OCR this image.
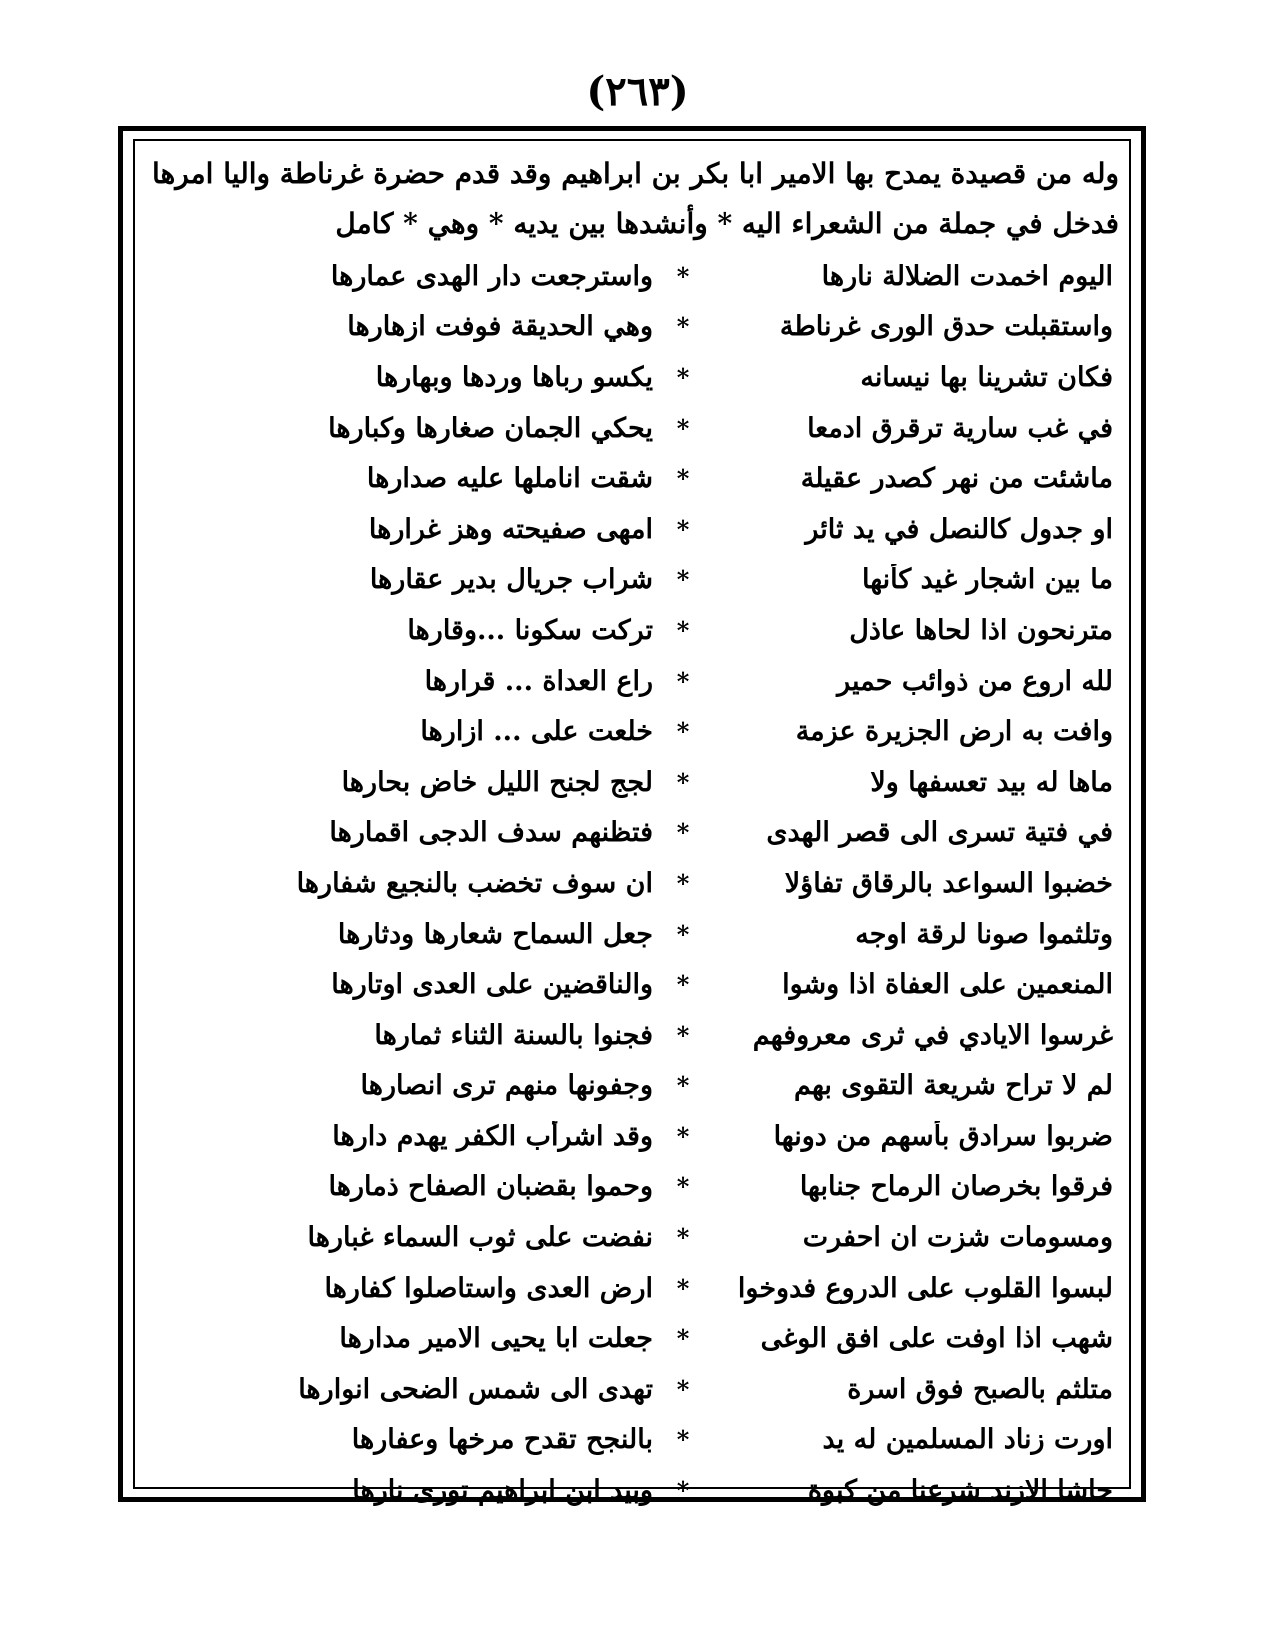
(٢٦٣)
وله من قصيدة يمدح بها الامير ابا بكر بن ابراهيم وقد قدم حضرة غرناطة واليا امرها
فدخل في جملة من الشعراء اليه * وأنشدها بين يديه * وهي * كامل
اليوم اخمدت الضلالة نارها
*
واسترجعت دار الهدى عمارها
واستقبلت حدق الورى غرناطة
*
وهي الحديقة فوفت ازهارها
فكان تشرينا بها نيسانه
*
يكسو رباها وردها وبهارها
في غب سارية ترقرق ادمعا
*
يحكي الجمان صغارها وكبارها
ماشئت من نهر كصدر عقيلة
*
شقت اناملها عليه صدارها
او جدول كالنصل في يد ثائر
*
امهى صفيحته وهز غرارها
ما بين اشجار غيد كأنها
*
شراب جريال بدير عقارها
مترنحون اذا لحاها عاذل
*
تركت سكونا ...وقارها
لله اروع من ذوائب حمير
*
راع العداة ... قرارها
وافت به ارض الجزيرة عزمة
*
خلعت على ... ازارها
ماها له بيد تعسفها ولا
*
لجج لجنح الليل خاض بحارها
في فتية تسرى الى قصر الهدى
*
فتظنهم سدف الدجى اقمارها
خضبوا السواعد بالرقاق تفاؤلا
*
ان سوف تخضب بالنجيع شفارها
وتلثموا صونا لرقة اوجه
*
جعل السماح شعارها ودثارها
المنعمين على العفاة اذا وشوا
*
والناقضين على العدى اوتارها
غرسوا الايادي في ثرى معروفهم
*
فجنوا بالسنة الثناء ثمارها
لم لا تراح شريعة التقوى بهم
*
وجفونها منهم ترى انصارها
ضربوا سرادق بأسهم من دونها
*
وقد اشرأب الكفر يهدم دارها
فرقوا بخرصان الرماح جنابها
*
وحموا بقضبان الصفاح ذمارها
ومسومات شزت ان احفرت
*
نفضت على ثوب السماء غبارها
لبسوا القلوب على الدروع فدوخوا
*
ارض العدى واستاصلوا كفارها
شهب اذا اوفت على افق الوغى
*
جعلت ابا يحيى الامير مدارها
متلثم بالصبح فوق اسرة
*
تهدى الى شمس الضحى انوارها
اورت زناد المسلمين له يد
*
بالنجح تقدح مرخها وعفارها
حاشا الازند شرعنا من كبوة
*
وبيد ابن ابراهيم تورى نارها
